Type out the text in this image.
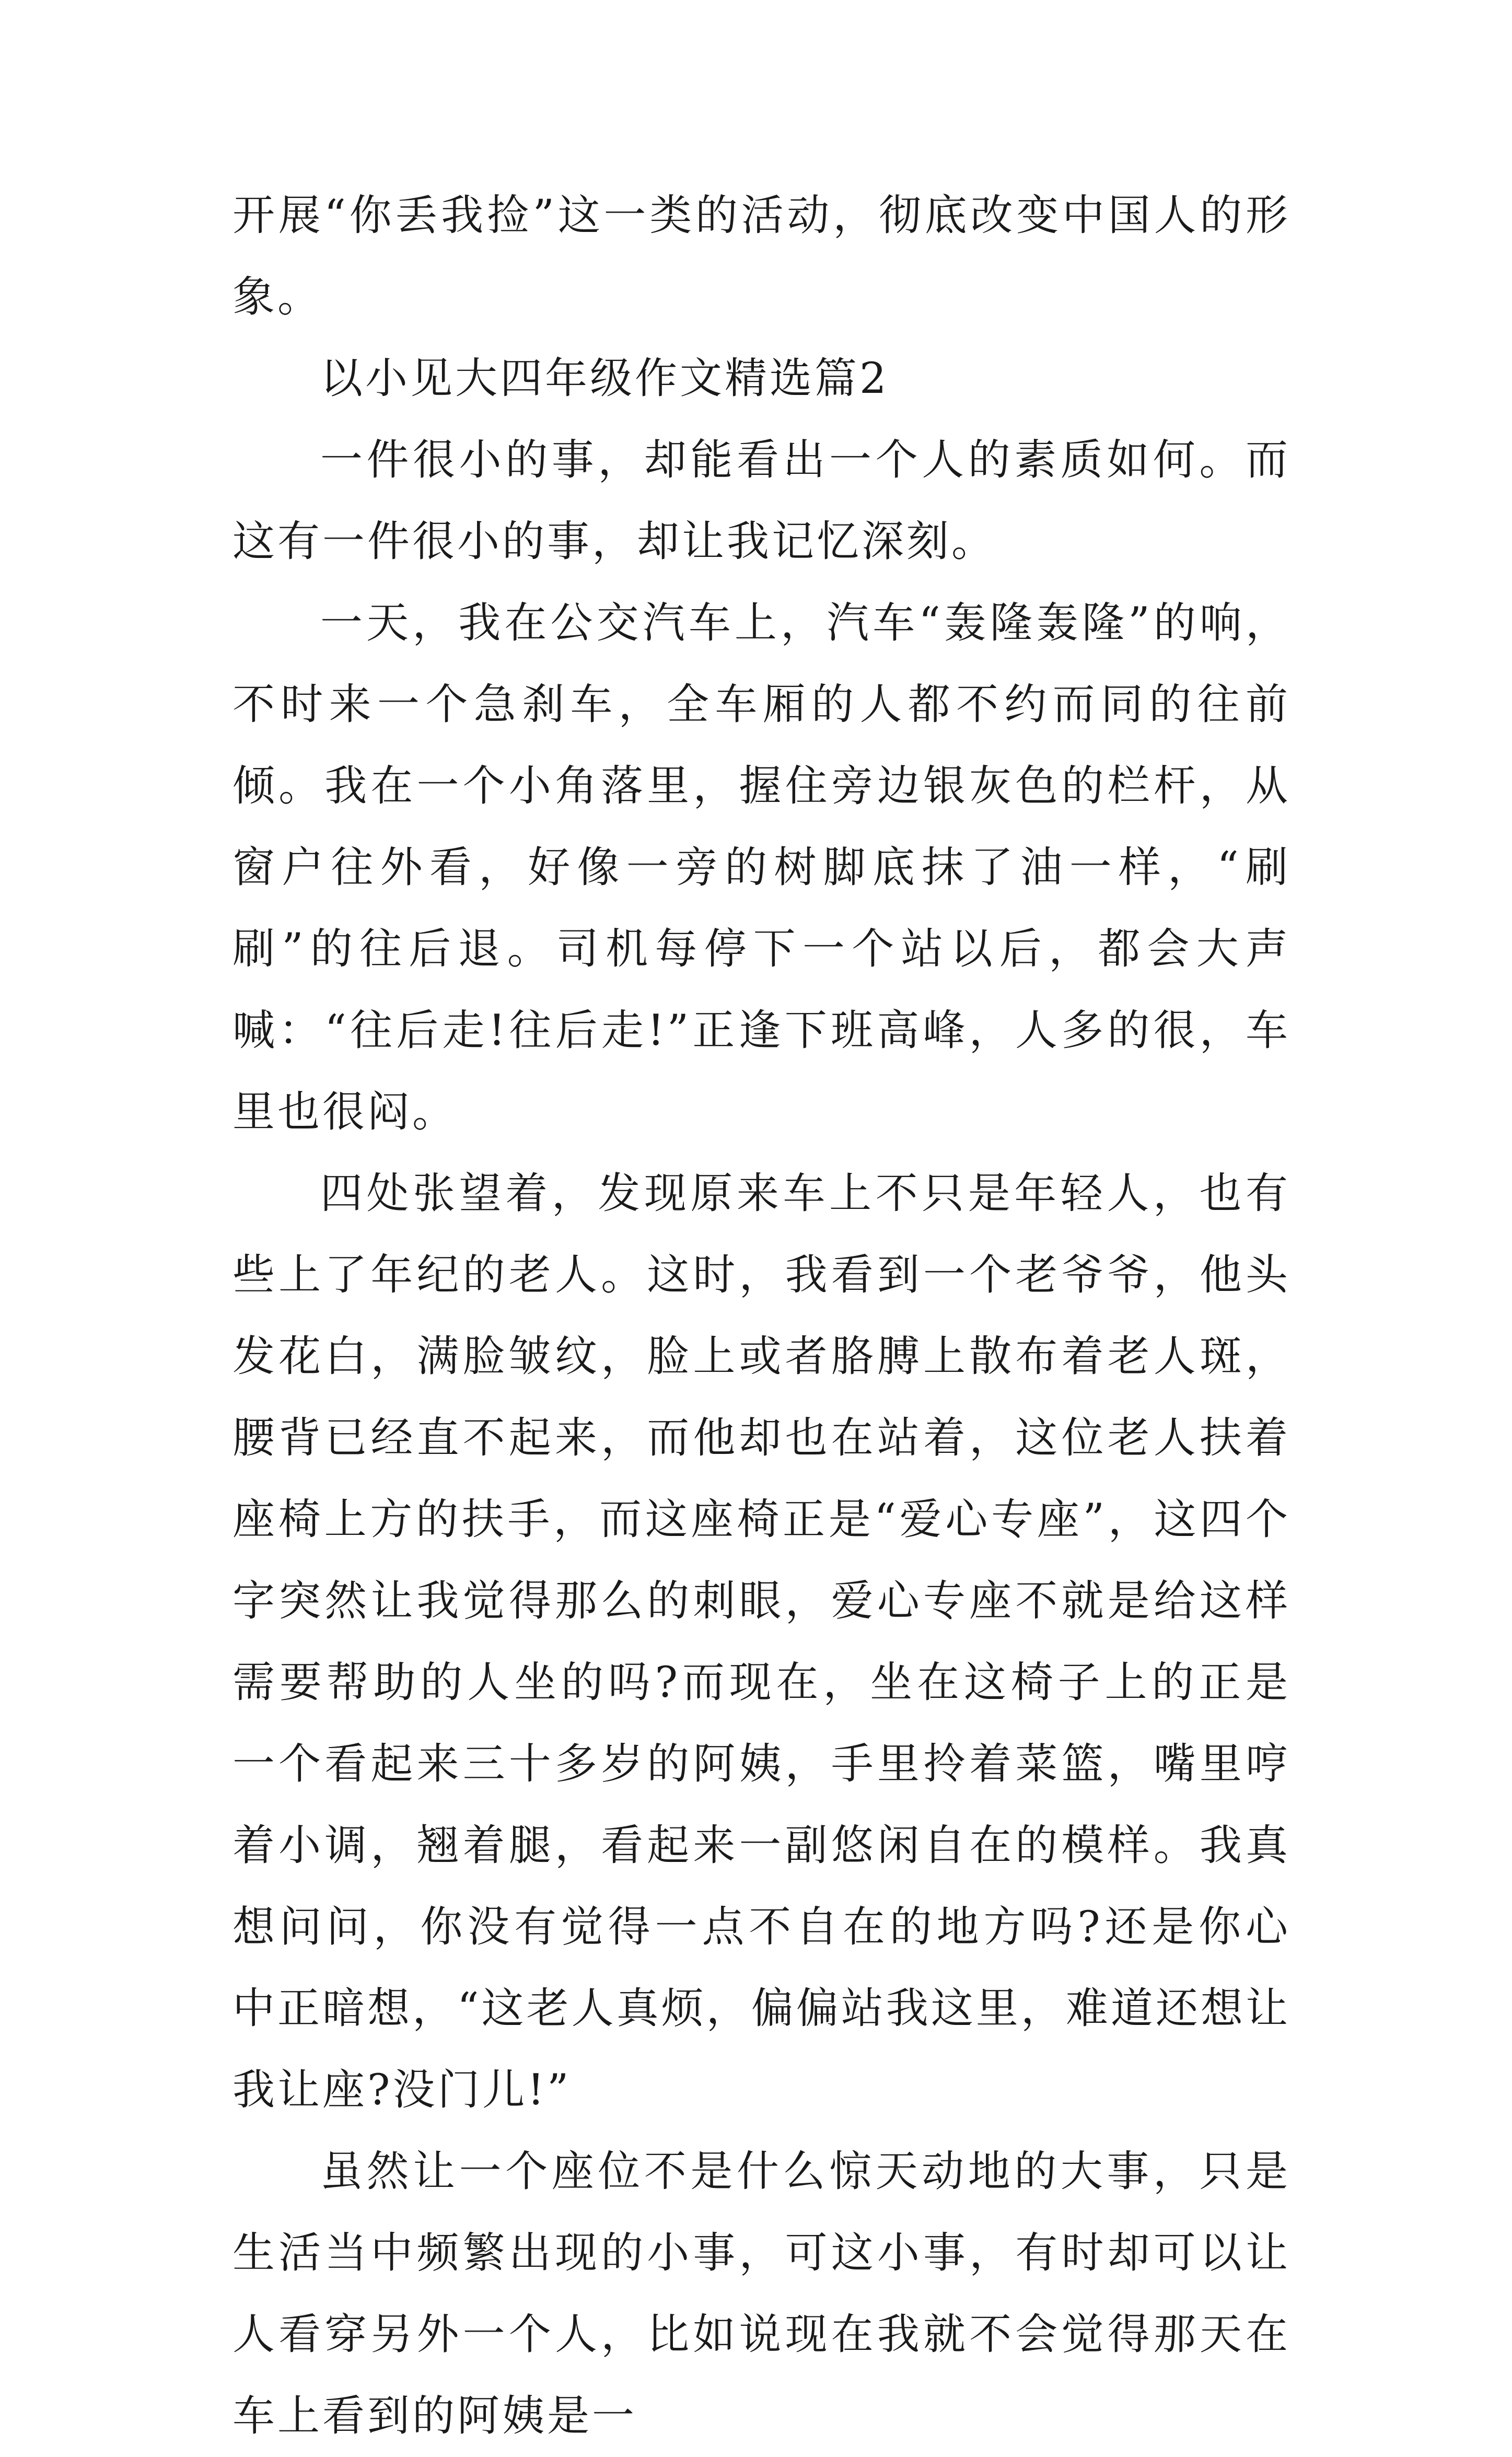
开展“你丢我捡”这一类的活动，彻底改变中国人的形象。

以小见大四年级作文精选篇2

一件很小的事，却能看出一个人的素质如何。而这有一件很小的事，却让我记忆深刻。

一天，我在公交汽车上，汽车“轰隆轰隆”的响，不时来一个急刹车，全车厢的人都不约而同的往前倾。我在一个小角落里，握住旁边银灰色的栏杆，从窗户往外看，好像一旁的树脚底抹了油一样，“刷刷”的往后退。司机每停下一个站以后，都会大声喊：“往后走!往后走!”正逢下班高峰，人多的很，车里也很闷。

四处张望着，发现原来车上不只是年轻人，也有些上了年纪的老人。这时，我看到一个老爷爷，他头发花白，满脸皱纹，脸上或者胳膊上散布着老人斑，腰背已经直不起来，而他却也在站着，这位老人扶着座椅上方的扶手，而这座椅正是“爱心专座”，这四个字突然让我觉得那么的刺眼，爱心专座不就是给这样需要帮助的人坐的吗?而现在，坐在这椅子上的正是一个看起来三十多岁的阿姨，手里拎着菜篮，嘴里哼着小调，翘着腿，看起来一副悠闲自在的模样。我真想问问，你没有觉得一点不自在的地方吗?还是你心中正暗想，“这老人真烦，偏偏站我这里，难道还想让我让座?没门儿!”

虽然让一个座位不是什么惊天动地的大事，只是生活当中频繁出现的小事，可这小事，有时却可以让人看穿另外一个人，比如说现在我就不会觉得那天在车上看到的阿姨是一
